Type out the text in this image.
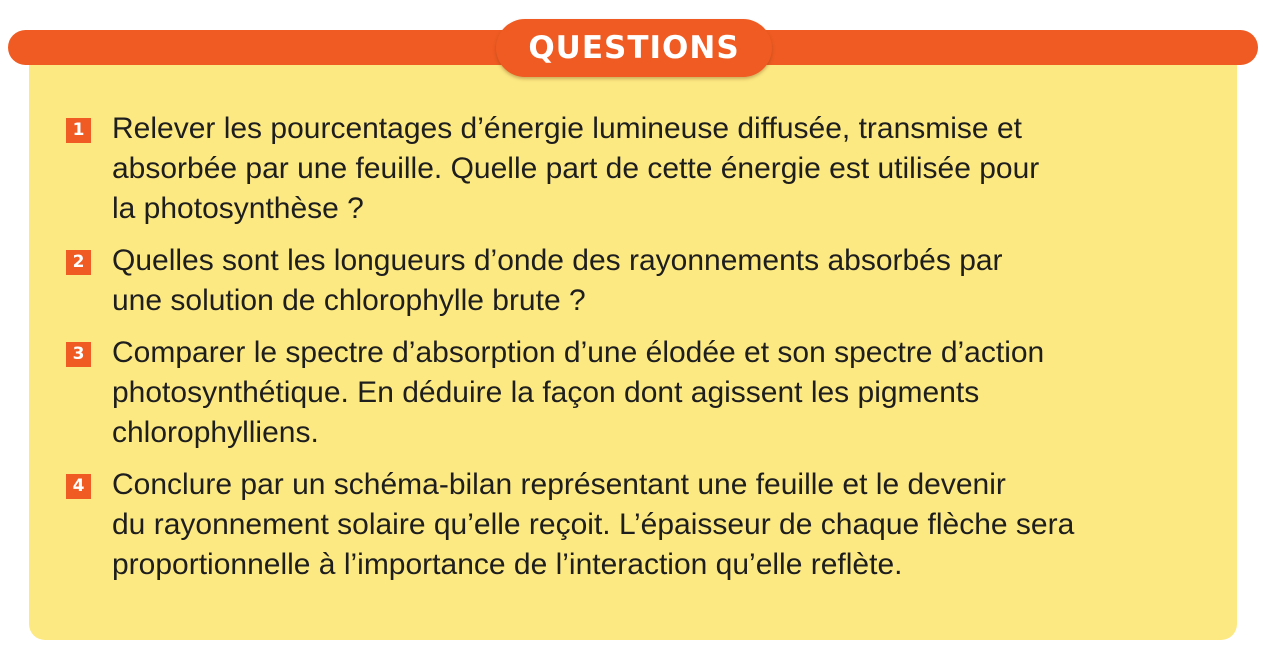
QUESTIONS
1 Relever les pourcentages d’énergie lumineuse diffusée, transmise et
absorbée par une feuille. Quelle part de cette énergie est utilisée pour
la photosynthèse ?
2 Quelles sont les longueurs d’onde des rayonnements absorbés par
une solution de chlorophylle brute ?
3 Comparer le spectre d’absorption d’une élodée et son spectre d’action
photosynthétique. En déduire la façon dont agissent les pigments
chlorophylliens.
4 Conclure par un schéma-bilan représentant une feuille et le devenir
du rayonnement solaire qu’elle reçoit. L’épaisseur de chaque flèche sera
proportionnelle à l’importance de l’interaction qu’elle reflète.
